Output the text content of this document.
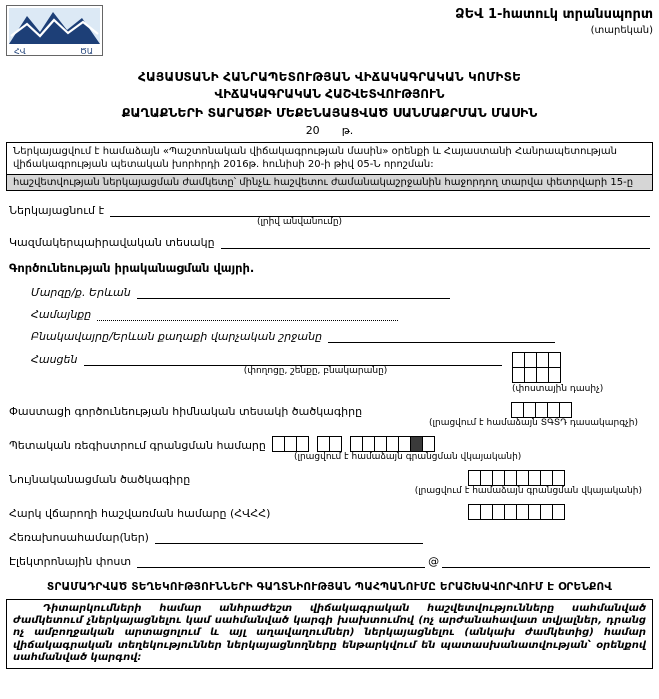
ՀՎ	ԾԱ
ՁԵՎ 1-հատուկ տրանսպորտ
(տարեկան)
ՀԱՅԱՍՏԱՆԻ ՀԱՆՐԱՊԵՏՈՒԹՅԱՆ ՎԻՃԱԿԱԳՐԱԿԱՆ ԿՈՄԻՏԵ
ՎԻՃԱԿԱԳՐԱԿԱՆ ՀԱՇՎԵՏՎՈՒԹՅՈՒՆ
ՔԱՂԱՔՆԵՐԻ ՏԱՐԱԾՔԻ ՄԵՔԵՆԱՅԱՑՎԱԾ ՍԱՆՄԱՔՐՄԱՆ ՄԱՍԻՆ
20 թ.
Ներկայացվում է համաձայն «Պաշտոնական վիճակագրության մասին» օրենքի և Հայաստանի Հանրապետության վիճակագրության պետական խորհրդի 2016թ. հունիսի 20-ի թիվ 05-Ն որոշման:
հաշվետվության ներկայացման ժամկետը՝ մինչև հաշվետու ժամանակաշրջանին հաջորդող տարվա փետրվարի 15-ը
Ներկայացնում է
(լրիվ անվանումը)
Կազմակերպաիրավական տեսակը
Գործունեության իրականացման վայրի.
Մարզը/ք. Երևան
Համայնքը
Բնակավայրը/Երևան քաղաքի վարչական շրջանը
Հասցեն
(փողոցը, շենքը, բնակարանը)
(փոստային դասիչ)
Փաստացի գործունեության հիմնական տեսակի ծածկագիրը
(լրացվում է համաձայն ՏԳՏԴ դասակարգչի)
Պետական ռեգիստրում գրանցման համարը
(լրացվում է համաձայն գրանցման վկայականի)
Նույնականացման ծածկագիրը
(լրացվում է համաձայն գրանցման վկայականի)
Հարկ վճարողի հաշվառման համարը (ՀՎՀՀ)
Հեռախոսահամար(ներ)
Էլեկտրոնային փոստ	@
ՏՐԱՄԱԴՐՎԱԾ ՏԵՂԵԿՈՒԹՅՈՒՆՆԵՐԻ ԳԱՂՏՆԻՈՒԹՅԱՆ ՊԱՀՊԱՆՈՒՄԸ ԵՐԱՇԽԱՎՈՐՎՈՒՄ Է ՕՐԵՆՔՈՎ

Դիտարկումների համար անհրաժեշտ վիճակագրական հաշվետվությունները սահմանված ժամկետում չներկայացնելու կամ սահմանված կարգի խախտումով (ոչ արժանահավատ տվյալներ, դրանց ոչ ամբողջական արտացոլում և այլ աղավաղումներ) ներկայացնելու (անկախ ժամկետից) համար վիճակագրական տեղեկություններ ներկայացնողները ենթարկվում են պատասխանատվության՝ օրենքով սահմանված կարգով:
